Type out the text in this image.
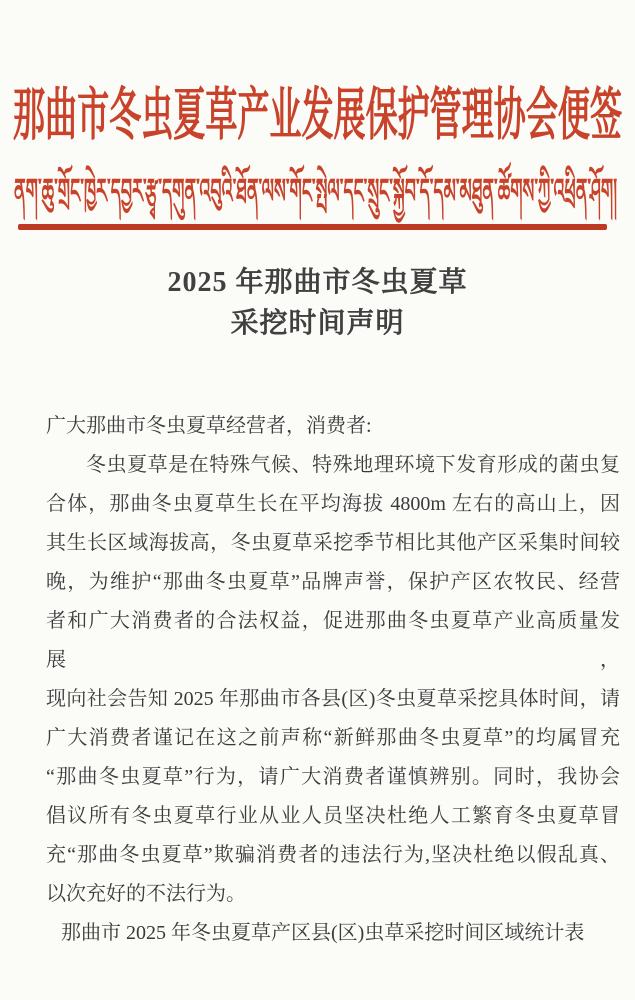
那曲市冬虫夏草产业发展保护管理协会便签
ནག་ཆུ་གྲོང་ཁྱེར་དབྱར་རྩྭ་དགུན་འབུའི་ཐོན་ལས་གོང་སྤེལ་དང་སྲུང་སྐྱོབ་དོ་དམ་མཐུན་ཚོགས་ཀྱི་འཕྲིན་ཤོག།
2025 年那曲市冬虫夏草
采挖时间声明
广大那曲市冬虫夏草经营者，消费者:
冬虫夏草是在特殊气候、特殊地理环境下发育形成的菌虫复
合体，那曲冬虫夏草生长在平均海拔 4800m 左右的高山上，因
其生长区域海拔高，冬虫夏草采挖季节相比其他产区采集时间较
晚，为维护“那曲冬虫夏草”品牌声誉，保护产区农牧民、经营
者和广大消费者的合法权益，促进那曲冬虫夏草产业高质量发展，
现向社会告知 2025 年那曲市各县(区)冬虫夏草采挖具体时间，请
广大消费者谨记在这之前声称“新鲜那曲冬虫夏草”的均属冒充
“那曲冬虫夏草”行为，请广大消费者谨慎辨别。同时，我协会
倡议所有冬虫夏草行业从业人员坚决杜绝人工繁育冬虫夏草冒
充“那曲冬虫夏草”欺骗消费者的违法行为,坚决杜绝以假乱真、
以次充好的不法行为。
那曲市 2025 年冬虫夏草产区县(区)虫草采挖时间区域统计表
